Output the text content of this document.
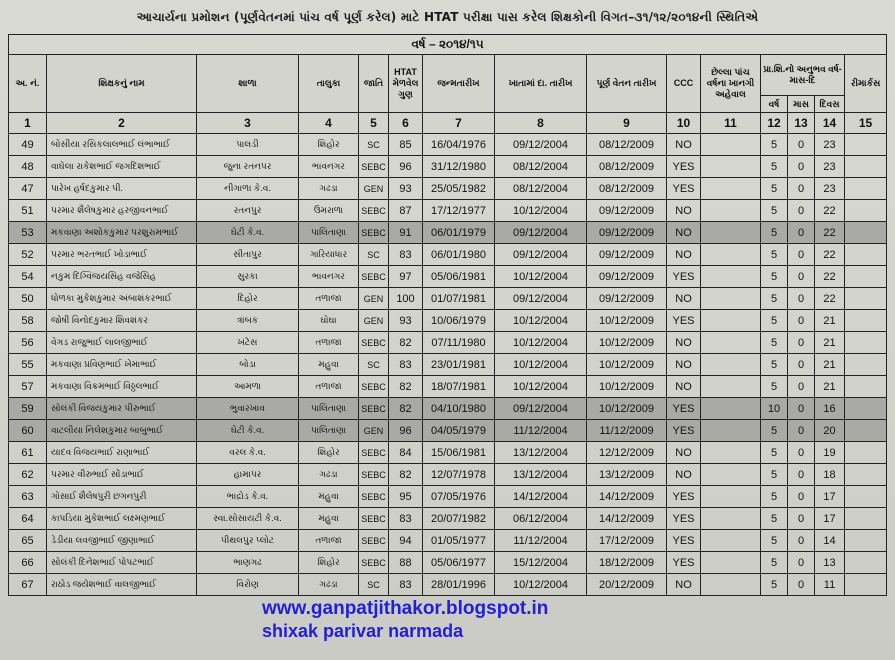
આચાર્યના પ્રમોશન (પૂર્ણવેતનમાં પાંચ વર્ષ પૂર્ણ કરેલ) માટે HTAT પરીક્ષા પાસ કરેલ શિક્ષકોની વિગત–૩૧/૧૨/૨૦૧૪ની સ્થિતિએ
વર્ષ – ૨૦૧૪/૧૫														
અ. નં.	શિક્ષકનું નામ	શાળા	તાલુકા	જાતિ	HTAT મેળવેલ ગુણ	જન્મતારીખ	ખાતામાં દા. તારીખ	પૂર્ણ વેતન તારીખ	CCC	છેલ્લા પાંચ વર્ષના ખાનગી અહેવાલ	પ્રા.શિ.નો અનુભવ વર્ષ-માસ-દિ			રીમાર્કસ
											વર્ષ	માસ	દિવસ	
1	2	3	4	5	6	7	8	9	10	11	12	13	14	15
49	બોસીયા રસિકલાલભાઈ લંભાભાઈ	પાલડી	શિહોર	SC	85	16/04/1976	09/12/2004	08/12/2009	NO		5	0	23	
48	વાઘેલા રાકેશભાઈ જગદિશભાઈ	જુના રતનપર	ભાવનગર	SEBC	96	31/12/1980	08/12/2004	08/12/2009	YES		5	0	23	
47	પારેખ હર્ષદકુમાર પી.	નીગાળા કે.વ.	ગઢડા	GEN	93	25/05/1982	08/12/2004	08/12/2009	YES		5	0	23	
51	પરમાર શૈલેષકુમાર હરજીવનભાઈ	રતનપુર	ઉમરાળા	SEBC	87	17/12/1977	10/12/2004	09/12/2009	NO		5	0	22	
53	મકવાણા અશોકકુમાર પરશુરામભાઈ	ઘેટી કે.વ.	પાલિતાણા	SEBC	91	06/01/1979	09/12/2004	09/12/2009	NO		5	0	22	
52	પરમાર ભરતભાઈ ખોડાભાઈ	સીતાપુર	ગારિયાધાર	SC	83	06/01/1980	09/12/2004	09/12/2009	NO		5	0	22	
54	નકુમ દિગ્વિજયસિંહ વજેસિંહ	સુરકા	ભાવનગર	SEBC	97	05/06/1981	10/12/2004	09/12/2009	YES		5	0	22	
50	ધોળકા મુકેશકુમાર અંબાશંકરભાઈ	દિહોર	તળાજા	GEN	100	01/07/1981	09/12/2004	09/12/2009	NO		5	0	22	
58	જોષી વિનોદકુમાર શિવશંકર	ત્રાંબક	ઘોઘા	GEN	93	10/06/1979	10/12/2004	10/12/2009	YES		5	0	21	
56	વેગડ રાજુભાઈ લાલજીભાઈ	ખંટેસ	તળાજા	SEBC	82	07/11/1980	10/12/2004	10/12/2009	NO		5	0	21	
55	મકવાણા પ્રવિણભાઈ ખેમાભાઈ	બોડા	મહુવા	SC	83	23/01/1981	10/12/2004	10/12/2009	NO		5	0	21	
57	મકવાણા વિક્રમભાઈ વિઠ્ઠલભાઈ	આમળા	તળાજા	SEBC	82	18/07/1981	10/12/2004	10/12/2009	NO		5	0	21	
59	સોલંકી વિજયકુમાર પીરુભાઈ	ભુવારખાવ	પાલિતાણા	SEBC	82	04/10/1980	09/12/2004	10/12/2009	YES		10	0	16	
60	વાટલીયા નિલેશકુમાર બાબુભાઈ	ઘેટી કે.વ.	પાલિતાણા	GEN	96	04/05/1979	11/12/2004	11/12/2009	YES		5	0	20	
61	યાદવ વિજયભાઈ રાણાભાઈ	વરલ કે.વ.	શિહોર	SEBC	84	15/06/1981	13/12/2004	12/12/2009	NO		5	0	19	
62	પરમાર વીરુભાઈ સોંડાભાઈ	હામાપર	ગઢડા	SEBC	82	12/07/1978	13/12/2004	13/12/2009	NO		5	0	18	
63	ગોસાઈ શૈલેષપુરી છગનપુરી	ભાદ્રોડ કે.વ.	મહુવા	SEBC	95	07/05/1976	14/12/2004	14/12/2009	YES		5	0	17	
64	કાપડિયા મુકેશભાઈ લક્ષ્મણભાઈ	સ્વા.સોસાયટી કે.વ.	મહુવા	SEBC	83	20/07/1982	06/12/2004	14/12/2009	YES		5	0	17	
65	ડેડીયા લવજીભાઈ જીણાભાઈ	પીથલપુર પ્લોટ	તળાજા	SEBC	94	01/05/1977	11/12/2004	17/12/2009	YES		5	0	14	
66	સોલંકી દિનેશભાઈ પોપટભાઈ	ભાણગઢ	શિહોર	SEBC	88	05/06/1977	15/12/2004	18/12/2009	YES		5	0	13	
67	રાઠોડ જયેશભાઈ વાલજીભાઈ	વિરોણ	ગઢડા	SC	83	28/01/1996	10/12/2004	20/12/2009	NO		5	0	11	
www.ganpatjithakor.blogspot.in
shixak parivar narmada
